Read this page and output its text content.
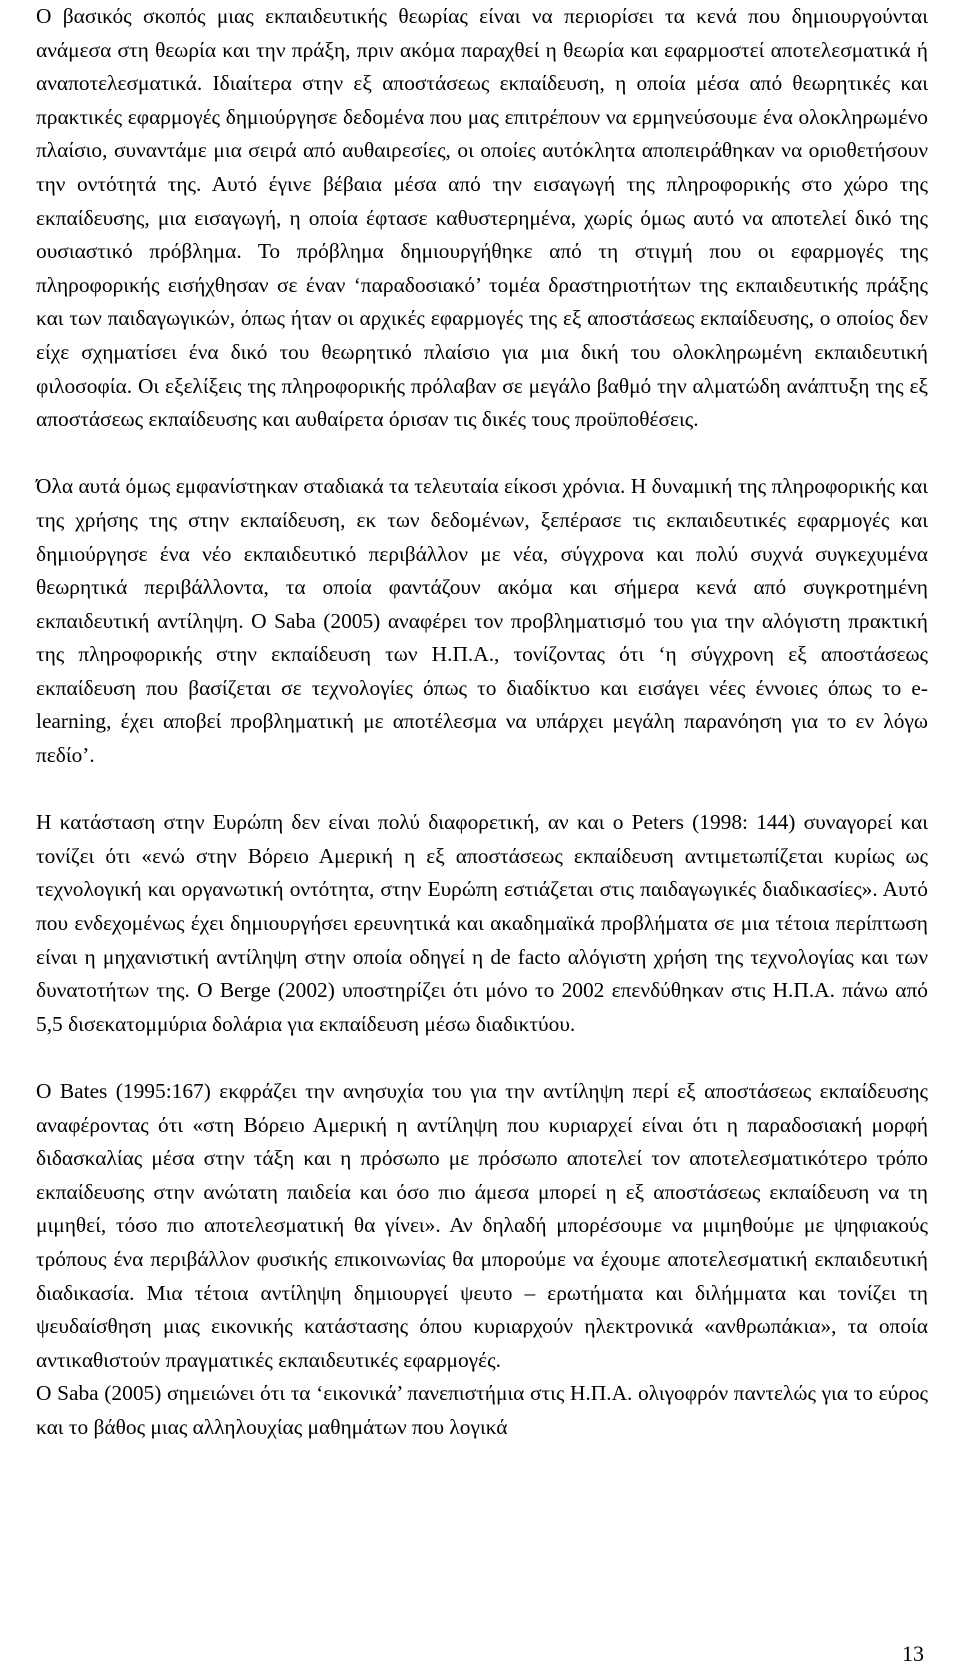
Ο βασικός σκοπός μιας εκπαιδευτικής θεωρίας είναι να περιορίσει τα κενά που δημιουργούνται ανάμεσα στη θεωρία και την πράξη, πριν ακόμα παραχθεί η θεωρία και εφαρμοστεί αποτελεσματικά ή αναποτελεσματικά. Ιδιαίτερα στην εξ αποστάσεως εκπαίδευση, η οποία μέσα από θεωρητικές και πρακτικές εφαρμογές δημιούργησε δεδομένα που μας επιτρέπουν να ερμηνεύσουμε ένα ολοκληρωμένο πλαίσιο, συναντάμε μια σειρά από αυθαιρεσίες, οι οποίες αυτόκλητα αποπειράθηκαν να οριοθετήσουν την οντότητά της. Αυτό έγινε βέβαια μέσα από την εισαγωγή της πληροφορικής στο χώρο της εκπαίδευσης, μια εισαγωγή, η οποία έφτασε καθυστερημένα, χωρίς όμως αυτό να αποτελεί δικό της ουσιαστικό πρόβλημα. Το πρόβλημα δημιουργήθηκε από τη στιγμή που οι εφαρμογές της πληροφορικής εισήχθησαν σε έναν ‘παραδοσιακό’ τομέα δραστηριοτήτων της εκπαιδευτικής πράξης και των παιδαγωγικών, όπως ήταν οι αρχικές εφαρμογές της εξ αποστάσεως εκπαίδευσης, ο οποίος δεν είχε σχηματίσει ένα δικό του θεωρητικό πλαίσιο για μια δική του ολοκληρωμένη εκπαιδευτική φιλοσοφία. Οι εξελίξεις της πληροφορικής πρόλαβαν σε μεγάλο βαθμό την αλματώδη ανάπτυξη της εξ αποστάσεως εκπαίδευσης και αυθαίρετα όρισαν τις δικές τους προϋποθέσεις.

Όλα αυτά όμως εμφανίστηκαν σταδιακά τα τελευταία είκοσι χρόνια. Η δυναμική της πληροφορικής και της χρήσης της στην εκπαίδευση, εκ των δεδομένων, ξεπέρασε τις εκπαιδευτικές εφαρμογές και δημιούργησε ένα νέο εκπαιδευτικό περιβάλλον με νέα, σύγχρονα και πολύ συχνά συγκεχυμένα θεωρητικά περιβάλλοντα, τα οποία φαντάζουν ακόμα και σήμερα κενά από συγκροτημένη εκπαιδευτική αντίληψη. Ο Saba (2005) αναφέρει τον προβληματισμό του για την αλόγιστη πρακτική της πληροφορικής στην εκπαίδευση των Η.Π.Α., τονίζοντας ότι ‘η σύγχρονη εξ αποστάσεως εκπαίδευση που βασίζεται σε τεχνολογίες όπως το διαδίκτυο και εισάγει νέες έννοιες όπως το e-learning, έχει αποβεί προβληματική με αποτέλεσμα να υπάρχει μεγάλη παρανόηση για το εν λόγω πεδίο’.

Η κατάσταση στην Ευρώπη δεν είναι πολύ διαφορετική, αν και ο Peters (1998: 144) συναγορεί και τονίζει ότι «ενώ στην Βόρειο Αμερική η εξ αποστάσεως εκπαίδευση αντιμετωπίζεται κυρίως ως τεχνολογική και οργανωτική οντότητα, στην Ευρώπη εστιάζεται στις παιδαγωγικές διαδικασίες». Αυτό που ενδεχομένως έχει δημιουργήσει ερευνητικά και ακαδημαϊκά προβλήματα σε μια τέτοια περίπτωση είναι η μηχανιστική αντίληψη στην οποία οδηγεί η de facto αλόγιστη χρήση της τεχνολογίας και των δυνατοτήτων της. Ο Berge (2002) υποστηρίζει ότι μόνο το 2002 επενδύθηκαν στις Η.Π.Α. πάνω από 5,5 δισεκατομμύρια δολάρια για εκπαίδευση μέσω διαδικτύου.

Ο Bates (1995:167) εκφράζει την ανησυχία του για την αντίληψη περί εξ αποστάσεως εκπαίδευσης αναφέροντας ότι «στη Βόρειο Αμερική η αντίληψη που κυριαρχεί είναι ότι η παραδοσιακή μορφή διδασκαλίας μέσα στην τάξη και η πρόσωπο με πρόσωπο αποτελεί τον αποτελεσματικότερο τρόπο εκπαίδευσης στην ανώτατη παιδεία και όσο πιο άμεσα μπορεί η εξ αποστάσεως εκπαίδευση να τη μιμηθεί, τόσο πιο αποτελεσματική θα γίνει». Αν δηλαδή μπορέσουμε να μιμηθούμε με ψηφιακούς τρόπους ένα περιβάλλον φυσικής επικοινωνίας θα μπορούμε να έχουμε αποτελεσματική εκπαιδευτική διαδικασία. Μια τέτοια αντίληψη δημιουργεί ψευτο – ερωτήματα και διλήμματα και τονίζει τη ψευδαίσθηση μιας εικονικής κατάστασης όπου κυριαρχούν ηλεκτρονικά «ανθρωπάκια», τα οποία αντικαθιστούν πραγματικές εκπαιδευτικές εφαρμογές.

Ο Saba (2005) σημειώνει ότι τα ‘εικονικά’ πανεπιστήμια στις Η.Π.Α. ολιγοφρόν παντελώς για το εύρος και το βάθος μιας αλληλουχίας μαθημάτων που λογικά

13
